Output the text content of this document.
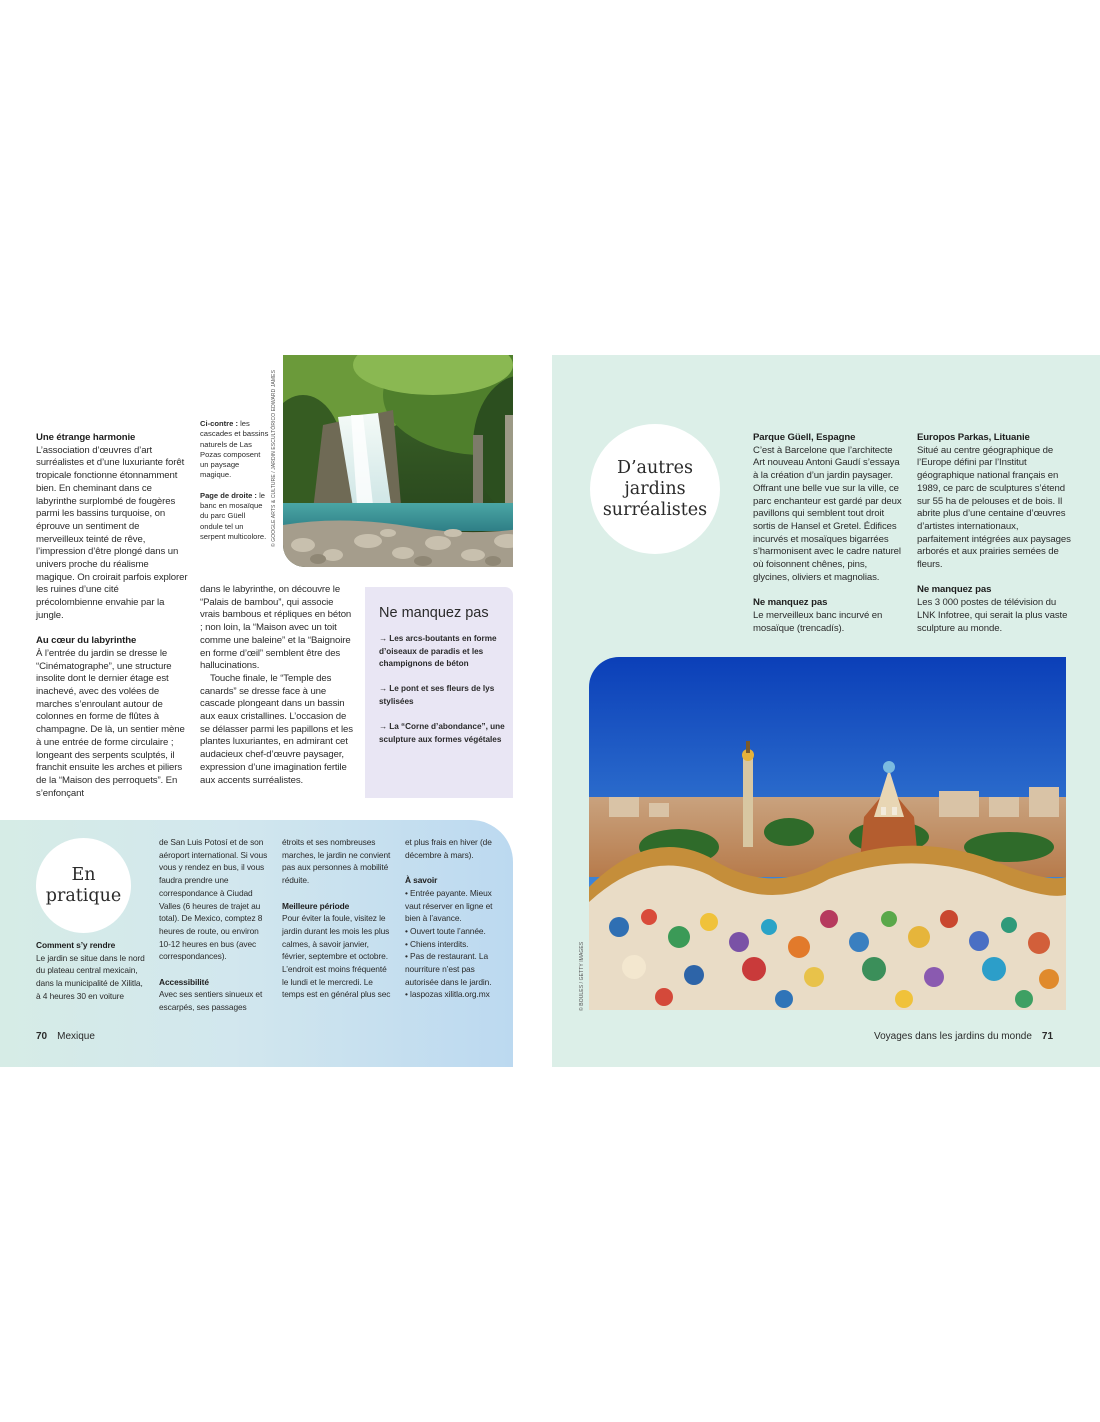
Une étrange harmonie

L’association d’œuvres d’art surréalistes et d’une luxuriante forêt tropicale fonctionne étonnamment bien. En cheminant dans ce labyrinthe surplombé de fougères parmi les bassins turquoise, on éprouve un sentiment de merveilleux teinté de rêve, l’impression d’être plongé dans un univers proche du réalisme magique. On croirait parfois explorer les ruines d’une cité précolombienne envahie par la jungle.

Au cœur du labyrinthe

À l’entrée du jardin se dresse le “Cinématographe”, une structure insolite dont le dernier étage est inachevé, avec des volées de marches s’enroulant autour de colonnes en forme de flûtes à champagne. De là, un sentier mène à une entrée de forme circulaire ; longeant des serpents sculptés, il franchit ensuite les arches et piliers de la “Maison des perroquets”. En s’enfonçant

Ci-contre : les cascades et bassins naturels de Las Pozas composent un paysage magique.

Page de droite : le banc en mosaïque du parc Güell ondule tel un serpent multicolore. © GOOGLE ARTS & CULTURE / JARDIN ESCULTÓRICO EDWARD JAMES

dans le labyrinthe, on découvre le “Palais de bambou”, qui associe vrais bambous et répliques en béton ; non loin, la “Maison avec un toit comme une baleine” et la “Baignoire en forme d’œil” semblent être des hallucinations.

Touche finale, le “Temple des canards” se dresse face à une cascade plongeant dans un bassin aux eaux cristallines. L’occasion de se délasser parmi les papillons et les plantes luxuriantes, en admirant cet audacieux chef-d’œuvre paysager, expression d’une imagination fertile aux accents surréalistes.

Ne manquez pas
→ Les arcs-boutants en forme d’oiseaux de paradis et les champignons de béton
→ Le pont et ses fleurs de lys stylisées
→ La “Corne d’abondance”, une sculpture aux formes végétales
En
pratique

Comment s’y rendre

Le jardin se situe dans le nord du plateau central mexicain, dans la municipalité de Xilitla, à 4 heures 30 en voiture

de San Luis Potosí et de son aéroport international. Si vous vous y rendez en bus, il vous faudra prendre une correspondance à Ciudad Valles (6 heures de trajet au total). De Mexico, comptez 8 heures de route, ou environ 10-12 heures en bus (avec correspondances).

Accessibilité

Avec ses sentiers sinueux et escarpés, ses passages

étroits et ses nombreuses marches, le jardin ne convient pas aux personnes à mobilité réduite.

Meilleure période

Pour éviter la foule, visitez le jardin durant les mois les plus calmes, à savoir janvier, février, septembre et octobre. L’endroit est moins fréquenté le lundi et le mercredi. Le temps est en général plus sec

et plus frais en hiver (de décembre à mars).

À savoir

• Entrée payante. Mieux vaut réserver en ligne et bien à l’avance.

• Ouvert toute l’année.

• Chiens interdits.

• Pas de restaurant. La nourriture n’est pas autorisée dans le jardin.

• laspozas xilitla.org.mx

70 Mexique
D’autres
jardins
surréalistes

Parque Güell, Espagne

C’est à Barcelone que l’architecte Art nouveau Antoni Gaudí s’essaya à la création d’un jardin paysager. Offrant une belle vue sur la ville, ce parc enchanteur est gardé par deux pavillons qui semblent tout droit sortis de Hansel et Gretel. Édifices incurvés et mosaïques bigarrées s’harmonisent avec le cadre naturel où foisonnent chênes, pins, glycines, oliviers et magnolias.

Ne manquez pas

Le merveilleux banc incurvé en mosaïque (trencadís).

Europos Parkas, Lituanie

Situé au centre géographique de l’Europe défini par l’Institut géographique national français en 1989, ce parc de sculptures s’étend sur 55 ha de pelouses et de bois. Il abrite plus d’une centaine d’œuvres d’artistes internationaux, parfaitement intégrées aux paysages arborés et aux prairies semées de fleurs.

Ne manquez pas

Les 3 000 postes de télévision du LNK Infotree, qui serait la plus vaste sculpture au monde.

© BOULES / GETTY IMAGES
Voyages dans les jardins du monde 71
